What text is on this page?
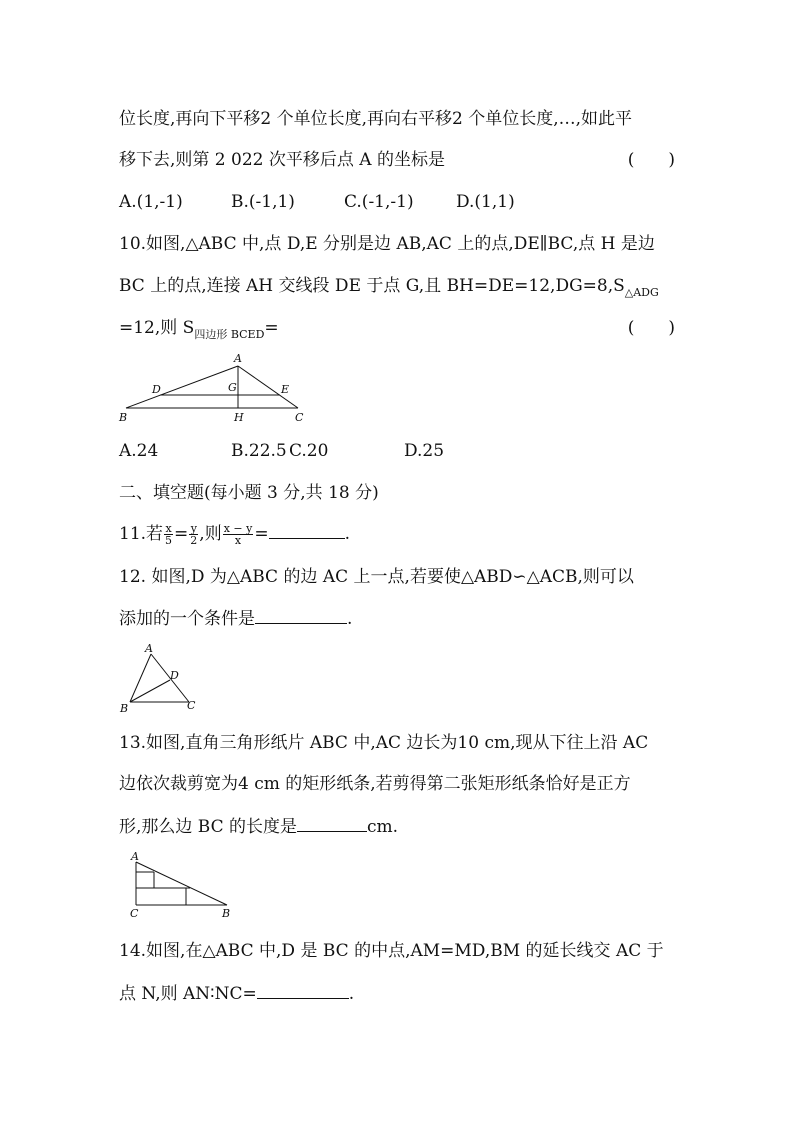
位长度,再向下平移2 个单位长度,再向右平移2 个单位长度,…,如此平
移下去,则第 2 022 次平移后点 A 的坐标是	(　　)
A.(1,-1)	B.(-1,1)	C.(-1,-1) D.(1,1)
10.如图,△ABC 中,点 D,E 分别是边 AB,AC 上的点,DE∥BC,点 H 是边
BC 上的点,连接 AH 交线段 DE 于点 G,且 $BH=DE=12,DG=8,S_{\triangle ADG}$
=12,则 $S_{四边形 BCED}=$	(　　)
A
D	G	E
B	H	C
A.24	B.22.5 C.20	D.25
二、填空题(每小题 3 分,共 18 分)
11.若 $\frac{x}{5} = \frac{y}{2}$ ,则 $\frac{x - y}{x}$ =	.
12. 如图,D 为△ABC 的边 AC 上一点,若要使△ABD∽△ACB,则可以
添加的一个条件是	.
A
D
B	C
13.如图,直角三角形纸片 ABC 中,AC 边长为10 cm,现从下往上沿 AC
边依次裁剪宽为4 cm 的矩形纸条,若剪得第二张矩形纸条恰好是正方
形,那么边 BC 的长度是	cm.
A
C	B
14.如图,在△ABC 中,D 是 BC 的中点,AM=MD,BM 的延长线交 AC 于
点 N,则 AN∶NC=	.
